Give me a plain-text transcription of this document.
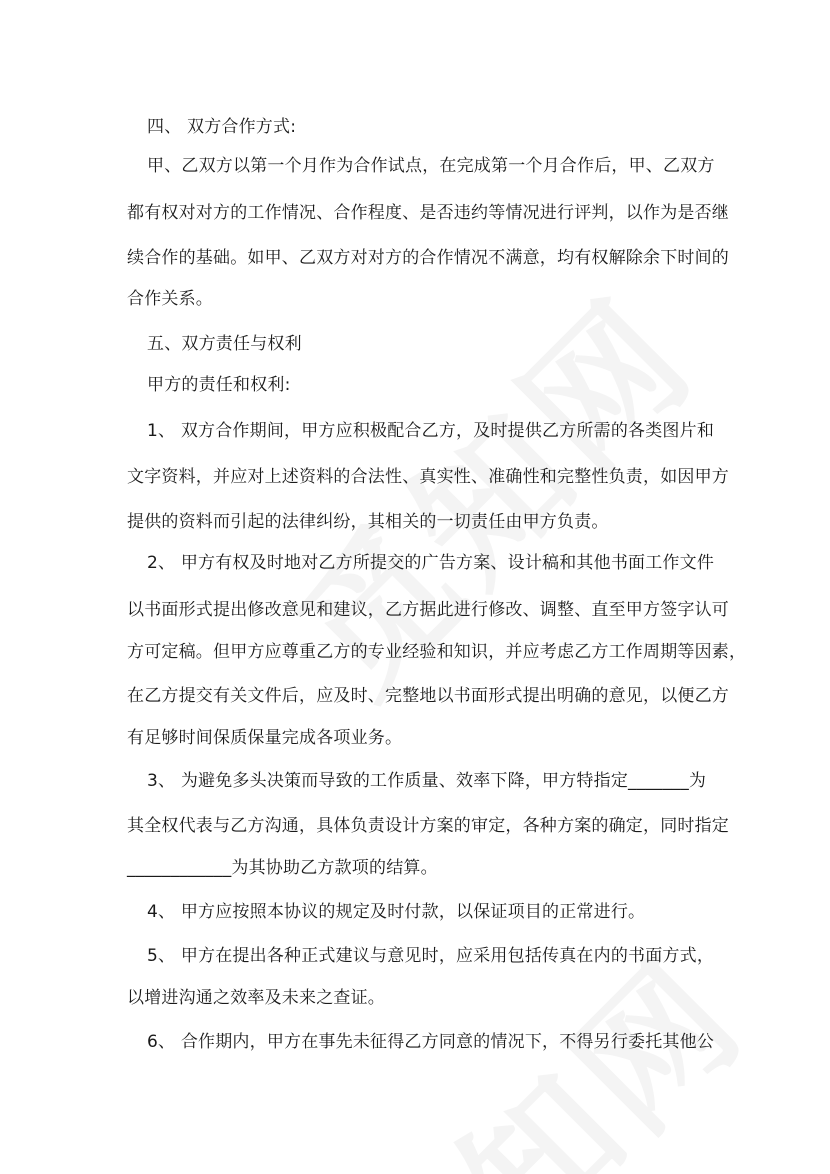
四、 双方合作方式:
甲、乙双方以第一个月作为合作试点，在完成第一个月合作后，甲、乙双方
都有权对对方的工作情况、合作程度、是否违约等情况进行评判，以作为是否继
续合作的基础。如甲、乙双方对对方的合作情况不满意，均有权解除余下时间的
合作关系。
五、双方责任与权利
甲方的责任和权利:
1、 双方合作期间，甲方应积极配合乙方，及时提供乙方所需的各类图片和
文字资料，并应对上述资料的合法性、真实性、准确性和完整性负责，如因甲方
提供的资料而引起的法律纠纷，其相关的一切责任由甲方负责。
2、 甲方有权及时地对乙方所提交的广告方案、设计稿和其他书面工作文件
以书面形式提出修改意见和建议，乙方据此进行修改、调整、直至甲方签字认可
方可定稿。但甲方应尊重乙方的专业经验和知识，并应考虑乙方工作周期等因素，
在乙方提交有关文件后，应及时、完整地以书面形式提出明确的意见，以便乙方
有足够时间保质保量完成各项业务。
3、 为避免多头决策而导致的工作质量、效率下降，甲方特指定_______为
其全权代表与乙方沟通，具体负责设计方案的审定，各种方案的确定，同时指定
____________为其协助乙方款项的结算。
4、 甲方应按照本协议的规定及时付款，以保证项目的正常进行。
5、 甲方在提出各种正式建议与意见时，应采用包括传真在内的书面方式，
以增进沟通之效率及未来之查证。
6、 合作期内，甲方在事先未征得乙方同意的情况下，不得另行委托其他公
